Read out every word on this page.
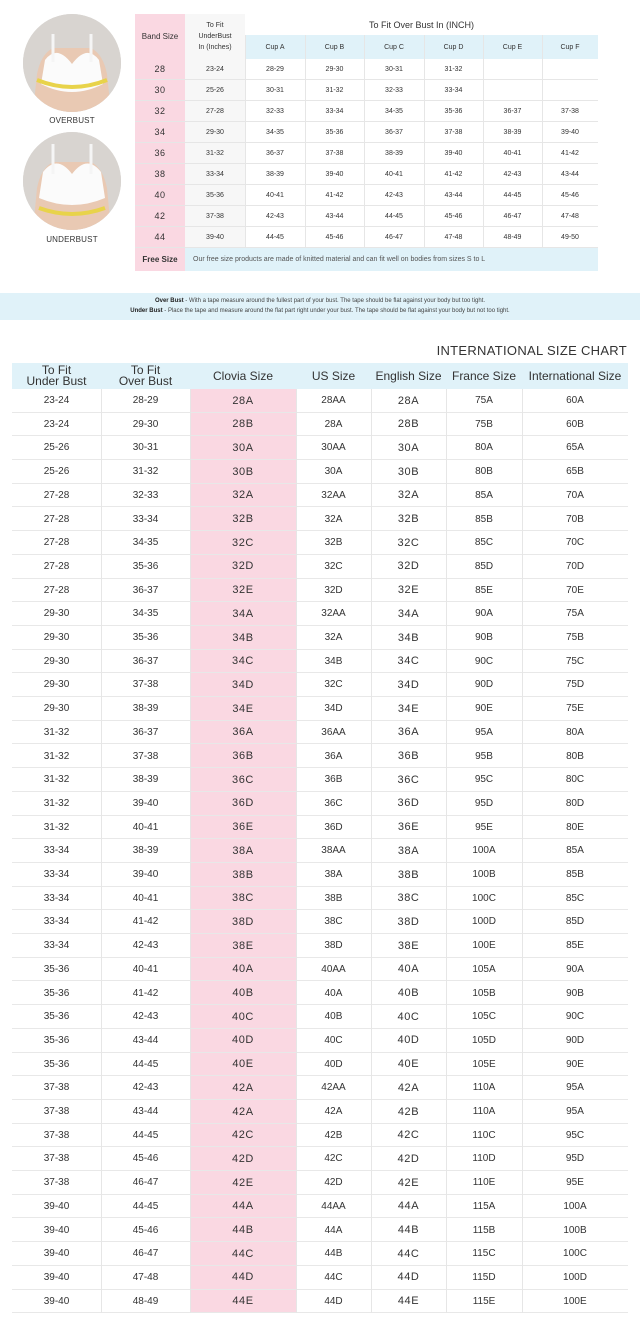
OVERBUST
UNDERBUST
Band Size
To Fit
UnderBust
In (Inches)
To Fit Over Bust In (INCH)
Cup A	Cup B	Cup C	Cup D	Cup E	Cup F
28	23-24	28-29	29-30	30-31	31-32
30	25-26	30-31	31-32	32-33	33-34
32	27-28	32-33	33-34	34-35	35-36	36-37	37-38
34	29-30	34-35	35-36	36-37	37-38	38-39	39-40
36	31-32	36-37	37-38	38-39	39-40	40-41	41-42
38	33-34	38-39	39-40	40-41	41-42	42-43	43-44
40	35-36	40-41	41-42	42-43	43-44	44-45	45-46
42	37-38	42-43	43-44	44-45	45-46	46-47	47-48
44	39-40	44-45	45-46	46-47	47-48	48-49	49-50
Free Size	Our free size products are made of knitted material and can fit well on bodies from sizes S to L
Over Bust - With a tape measure around the fullest part of your bust. The tape should be flat against your body but too tight.
Under Bust - Place the tape and measure around the flat part right under your bust. The tape should be flat against your body but not too tight.
INTERNATIONAL SIZE CHART
To Fit
Under Bust
To Fit
Over Bust	Clovia Size	US Size	English Size France Size	International Size
23-24	28-29	28A	28AA	28A	75A	60A
23-24	29-30	28B	28A	28B	75B	60B
25-26	30-31	30A	30AA	30A	80A	65A
25-26	31-32	30B	30A	30B	80B	65B
27-28	32-33	32A	32AA	32A	85A	70A
27-28	33-34	32B	32A	32B	85B	70B
27-28	34-35	32C	32B	32C	85C	70C
27-28	35-36	32D	32C	32D	85D	70D
27-28	36-37	32E	32D	32E	85E	70E
29-30	34-35	34A	32AA	34A	90A	75A
29-30	35-36	34B	32A	34B	90B	75B
29-30	36-37	34C	34B	34C	90C	75C
29-30	37-38	34D	32C	34D	90D	75D
29-30	38-39	34E	34D	34E	90E	75E
31-32	36-37	36A	36AA	36A	95A	80A
31-32	37-38	36B	36A	36B	95B	80B
31-32	38-39	36C	36B	36C	95C	80C
31-32	39-40	36D	36C	36D	95D	80D
31-32	40-41	36E	36D	36E	95E	80E
33-34	38-39	38A	38AA	38A	100A	85A
33-34	39-40	38B	38A	38B	100B	85B
33-34	40-41	38C	38B	38C	100C	85C
33-34	41-42	38D	38C	38D	100D	85D
33-34	42-43	38E	38D	38E	100E	85E
35-36	40-41	40A	40AA	40A	105A	90A
35-36	41-42	40B	40A	40B	105B	90B
35-36	42-43	40C	40B	40C	105C	90C
35-36	43-44	40D	40C	40D	105D	90D
35-36	44-45	40E	40D	40E	105E	90E
37-38	42-43	42A	42AA	42A	110A	95A
37-38	43-44	42A	42A	42B	110A	95A
37-38	44-45	42C	42B	42C	110C	95C
37-38	45-46	42D	42C	42D	110D	95D
37-38	46-47	42E	42D	42E	110E	95E
39-40	44-45	44A	44AA	44A	115A	100A
39-40	45-46	44B	44A	44B	115B	100B
39-40	46-47	44C	44B	44C	115C	100C
39-40	47-48	44D	44C	44D	115D	100D
39-40	48-49	44E	44D	44E	115E	100E
